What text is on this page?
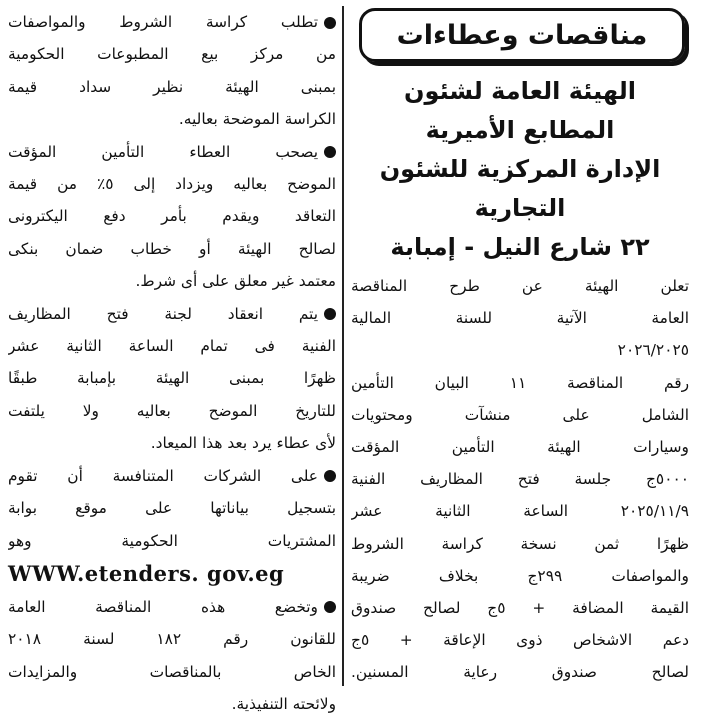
مناقصات وعطاءات
الهيئة العامة لشئون
المطابع الأميرية
الإدارة المركزية للشئون
التجارية
٢٢ شارع النيل - إمبابة
تعلن الهيئة عن طرح المناقصة
العامة الآتية للسنة المالية
٢٠٢٦/٢٠٢٥
رقم المناقصة ١١ البيان التأمين
الشامل على منشآت ومحتويات
وسيارات الهيئة التأمين المؤقت
٥٠٠٠ج جلسة فتح المظاريف الفنية
٢٠٢٥/١١/٩ الساعة الثانية عشر
ظهرًا ثمن نسخة كراسة الشروط
والمواصفات ٢٩٩ج بخلاف ضريبة
القيمة المضافة + ٥ج لصالح صندوق
دعم الاشخاص ذوى الإعاقة + ٥ج
لصالح صندوق رعاية المسنين.
تطلب كراسة الشروط والمواصفات
من مركز بيع المطبوعات الحكومية
بمبنى الهيئة نظير سداد قيمة
الكراسة الموضحة بعاليه.
يصحب العطاء التأمين المؤقت
الموضح بعاليه ويزداد إلى ٥٪ من قيمة
التعاقد ويقدم بأمر دفع اليكترونى
لصالح الهيئة أو خطاب ضمان بنكى
معتمد غير معلق على أى شرط.
يتم انعقاد لجنة فتح المظاريف
الفنية فى تمام الساعة الثانية عشر
ظهرًا بمبنى الهيئة بإمبابة طبقًا
للتاريخ الموضح بعاليه ولا يلتفت
لأى عطاء يرد بعد هذا الميعاد.
على الشركات المتنافسة أن تقوم
بتسجيل بياناتها على موقع بوابة
المشتريات الحكومية وهو
WWW.etenders. gov.eg
وتخضع هذه المناقصة العامة
للقانون رقم ١٨٢ لسنة ٢٠١٨
الخاص بالمناقصات والمزايدات
ولائحته التنفيذية.
